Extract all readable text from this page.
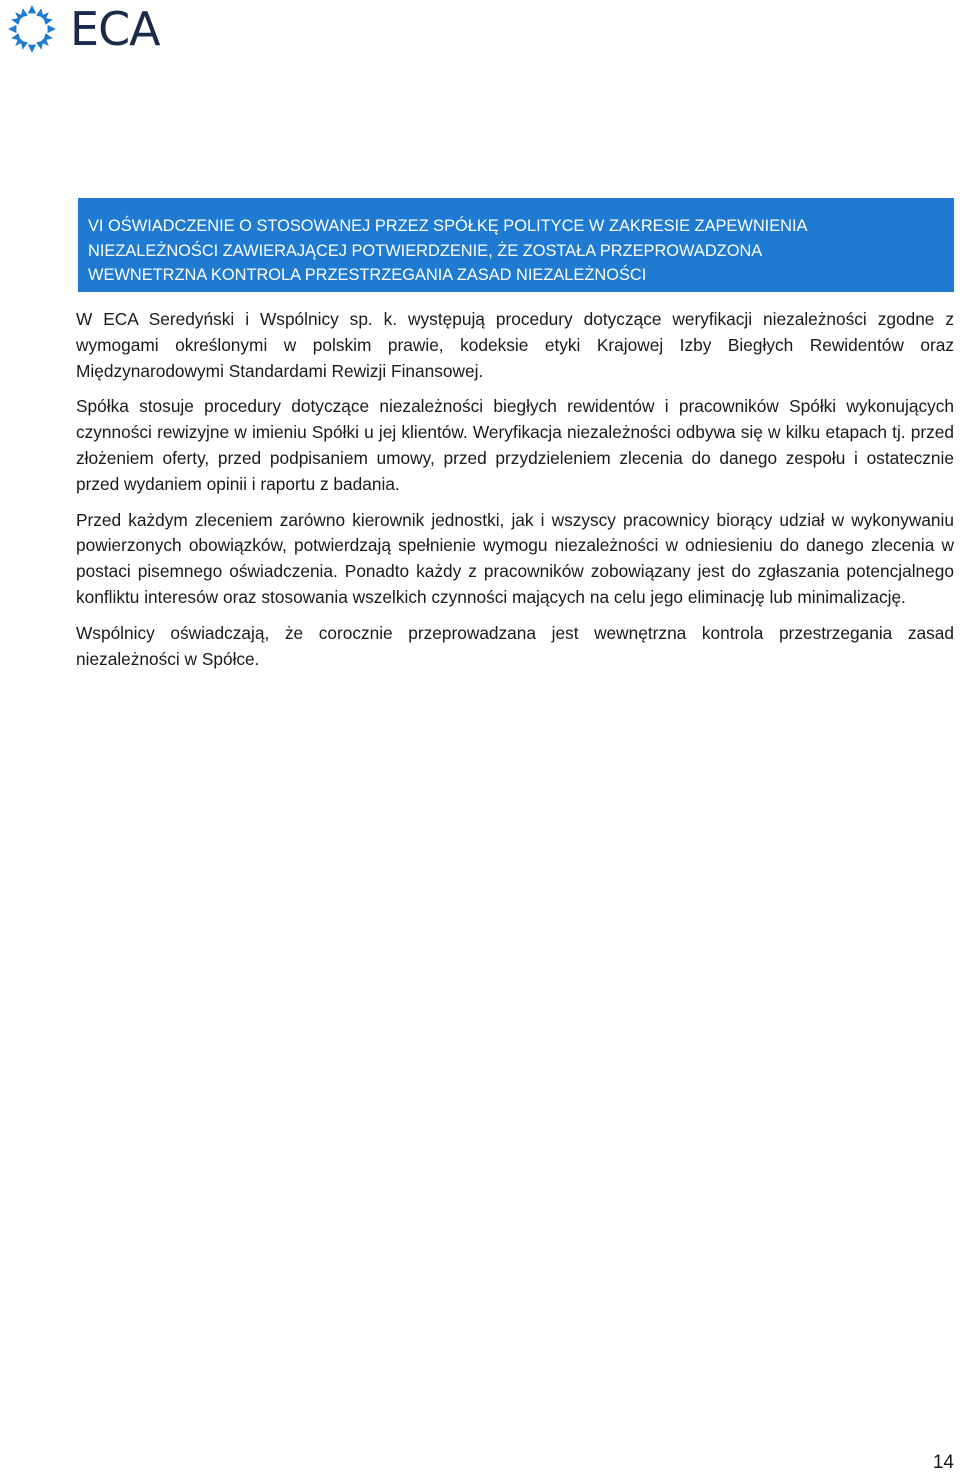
ECA
VI OŚWIADCZENIE O STOSOWANEJ PRZEZ SPÓŁKĘ POLITYCE W ZAKRESIE ZAPEWNIENIA
NIEZALEŻNOŚCI ZAWIERAJĄCEJ POTWIERDZENIE, ŻE ZOSTAŁA PRZEPROWADZONA
WEWNETRZNA KONTROLA PRZESTRZEGANIA ZASAD NIEZALEŻNOŚCI

W ECA Seredyński i Wspólnicy sp. k. występują procedury dotyczące weryfikacji niezależności zgodne z wymogami określonymi w polskim prawie, kodeksie etyki Krajowej Izby Biegłych Rewidentów oraz Międzynarodowymi Standardami Rewizji Finansowej.

Spółka stosuje procedury dotyczące niezależności biegłych rewidentów i pracowników Spółki wykonujących czynności rewizyjne w imieniu Spółki u jej klientów. Weryfikacja niezależności odbywa się w kilku etapach tj. przed złożeniem oferty, przed podpisaniem umowy, przed przydzieleniem zlecenia do danego zespołu i ostatecznie przed wydaniem opinii i raportu z badania.

Przed każdym zleceniem zarówno kierownik jednostki, jak i wszyscy pracownicy biorący udział w wykonywaniu powierzonych obowiązków, potwierdzają spełnienie wymogu niezależności w odniesieniu do danego zlecenia w postaci pisemnego oświadczenia. Ponadto każdy z pracowników zobowiązany jest do zgłaszania potencjalnego konfliktu interesów oraz stosowania wszelkich czynności mających na celu jego eliminację lub minimalizację.

Wspólnicy oświadczają, że corocznie przeprowadzana jest wewnętrzna kontrola przestrzegania zasad niezależności w Spółce.

14
